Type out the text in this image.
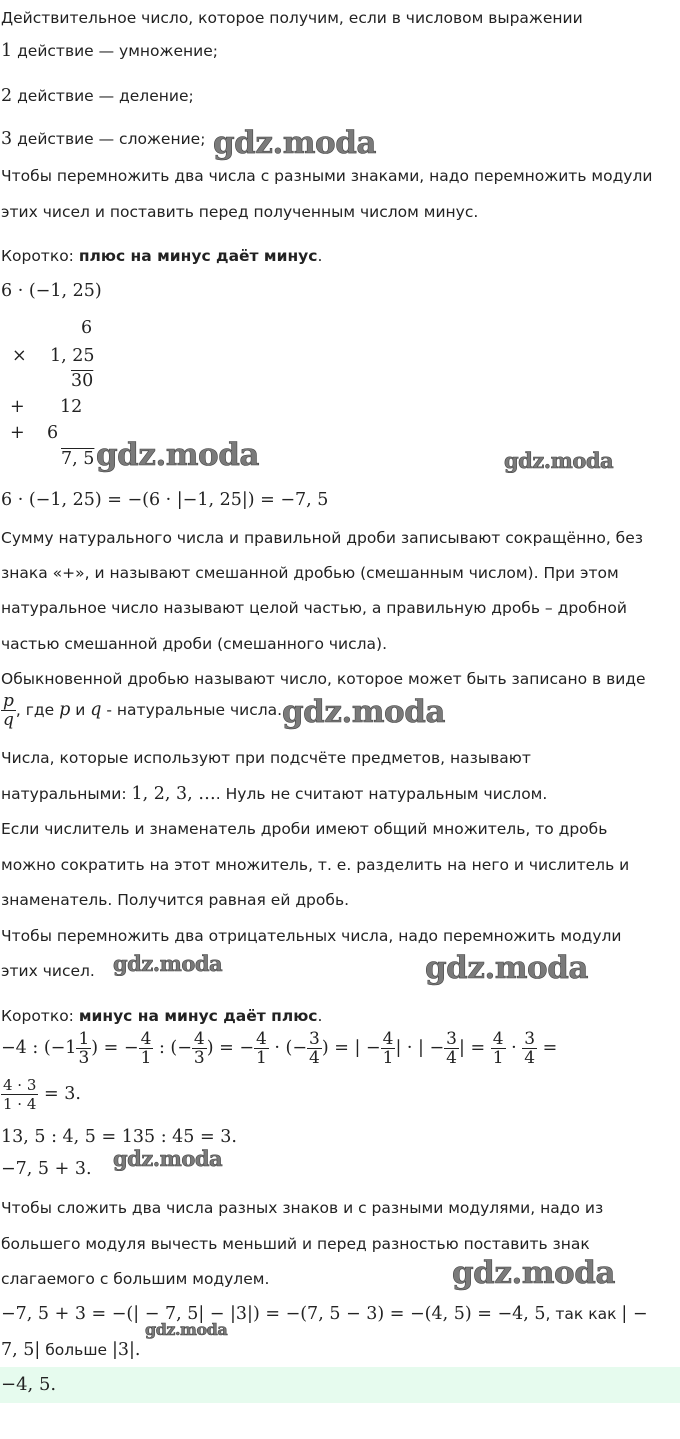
Действительное число, которое получим, если в числовом выражении
1 действие — умножение;
2 действие — деление;
3 действие — сложение; gdz.moda
Чтобы перемножить два числа с разными знаками, надо перемножить модули
этих чисел и поставить перед полученным числом минус.
Коротко: плюс на минус даёт минус.
6 · (−1, 25)
6
× 1, 25
30
+ 12
+ 6
7, 5 gdz.moda	gdz.moda
6 · (−1, 25) = −(6 · |−1, 25|) = −7, 5
Сумму натурального числа и правильной дроби записывают сокращённо, без
знака «+», и называют смешанной дробью (смешанным числом). При этом
натуральное число называют целой частью, а правильную дробь – дробной
частью смешанной дроби (смешанного числа).
Обыкновенной дробью называют число, которое может быть записано в виде
$\frac{p}{q}$ , где p и q - натуральные числа. gdz.moda
Числа, которые используют при подсчёте предметов, называют
натуральными: 1, 2, 3, …. Нуль не считают натуральным числом.
Если числитель и знаменатель дроби имеют общий множитель, то дробь
можно сократить на этот множитель, т. е. разделить на него и числитель и
знаменатель. Получится равная ей дробь.
Чтобы перемножить два отрицательных числа, надо перемножить модули
этих чисел. gdz.moda	gdz.moda
Коротко: минус на минус даёт плюс.
−4 : ($-1 \frac{1}{3}$ ) = − $\frac{4}{1}$ : (− $\frac{4}{3}$ ) = − $\frac{4}{1}$ · (− $\frac{3}{4}$ ) = | − $\frac{4}{1}$ | · | − $\frac{3}{4}$ | = $\frac{4}{1} \cdot \frac{3}{4}$ =
$\frac{4 \cdot 3}{1 \cdot 4} = 3$.
13, 5 : 4, 5 = 135 : 45 = 3.
−7, 5 + 3. gdz.moda
Чтобы сложить два числа разных знаков и с разными модулями, надо из
большего модуля вычесть меньший и перед разностью поставить знак
слагаемого с большим модулем.	gdz.moda
−7, 5 + 3 = −(| − 7, 5| − |3|) = −(7, 5 − 3) = −(4, 5) = −4, 5, так как | −
7, 5| больше |3|.
gdz.moda
−4, 5.
